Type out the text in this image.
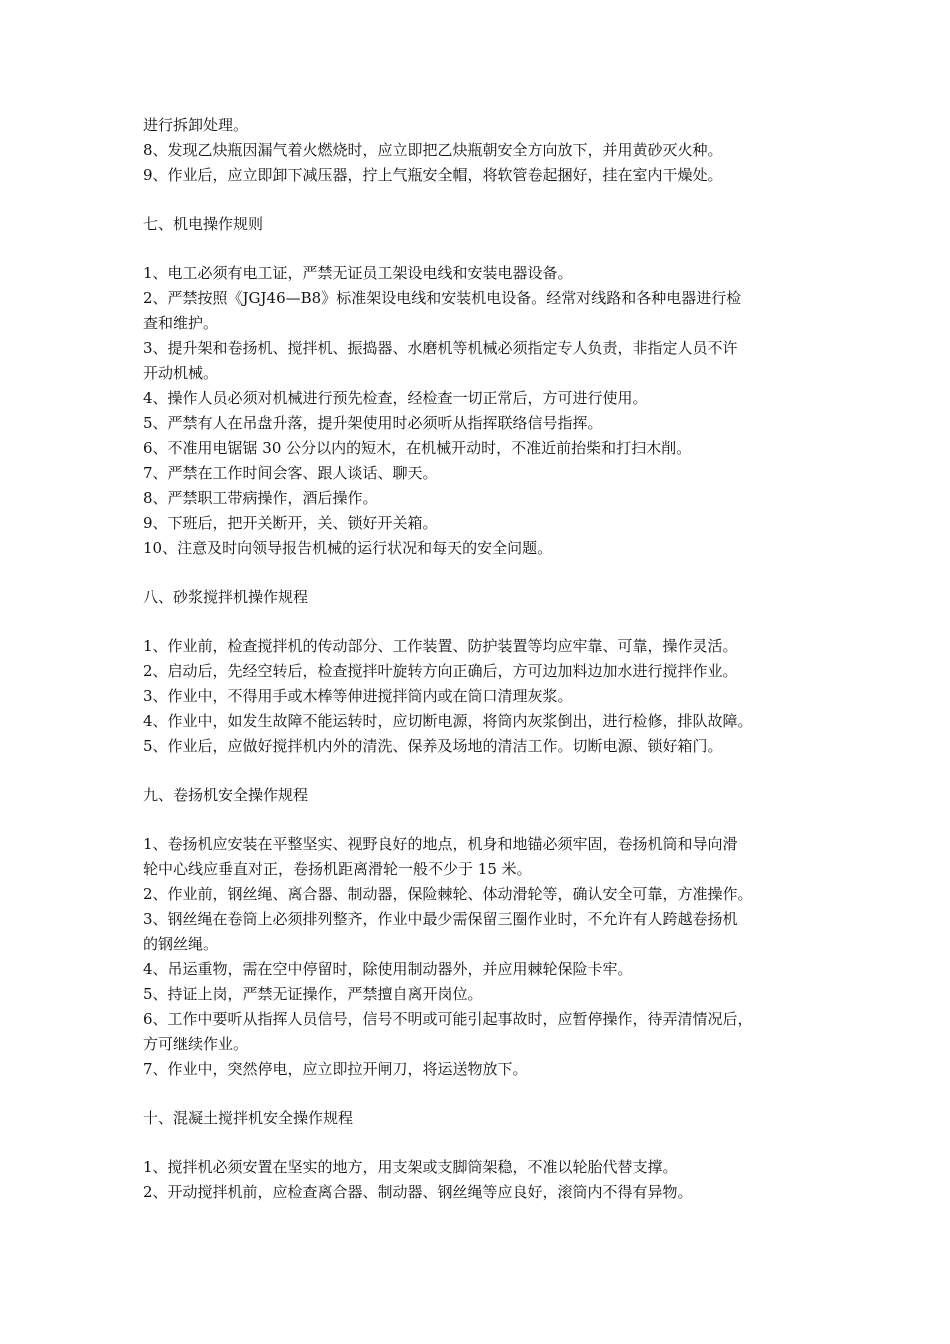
进行拆卸处理。

8、发现乙炔瓶因漏气着火燃烧时，应立即把乙炔瓶朝安全方向放下，并用黄砂灭火种。

9、作业后，应立即卸下减压器，拧上气瓶安全帽，将软管卷起捆好，挂在室内干燥处。

七、机电操作规则

1、电工必须有电工证，严禁无证员工架设电线和安装电器设备。

2、严禁按照《JGJ46—B8》标准架设电线和安装机电设备。经常对线路和各种电器进行检

查和维护。

3、提升架和卷扬机、搅拌机、振捣器、水磨机等机械必须指定专人负责，非指定人员不许

开动机械。

4、操作人员必须对机械进行预先检查，经检查一切正常后，方可进行使用。

5、严禁有人在吊盘升落，提升架使用时必须听从指挥联络信号指挥。

6、不准用电锯锯 30 公分以内的短木，在机械开动时，不准近前抬柴和打扫木削。

7、严禁在工作时间会客、跟人谈话、聊天。

8、严禁职工带病操作，酒后操作。

9、下班后，把开关断开，关、锁好开关箱。

10、注意及时向领导报告机械的运行状况和每天的安全问题。

八、砂浆搅拌机操作规程

1、作业前，检查搅拌机的传动部分、工作装置、防护装置等均应牢靠、可靠，操作灵活。

2、启动后，先经空转后，检查搅拌叶旋转方向正确后，方可边加料边加水进行搅拌作业。

3、作业中，不得用手或木棒等伸进搅拌筒内或在筒口清理灰浆。

4、作业中，如发生故障不能运转时，应切断电源，将筒内灰浆倒出，进行检修，排队故障。

5、作业后，应做好搅拌机内外的清洗、保养及场地的清洁工作。切断电源、锁好箱门。

九、卷扬机安全操作规程

1、卷扬机应安装在平整坚实、视野良好的地点，机身和地锚必须牢固，卷扬机筒和导向滑

轮中心线应垂直对正，卷扬机距离滑轮一般不少于 15 米。

2、作业前，钢丝绳、离合器、制动器，保险棘轮、体动滑轮等，确认安全可靠，方准操作。

3、钢丝绳在卷筒上必须排列整齐，作业中最少需保留三圈作业时，不允许有人跨越卷扬机

的钢丝绳。

4、吊运重物，需在空中停留时，除使用制动器外，并应用棘轮保险卡牢。

5、持证上岗，严禁无证操作，严禁擅自离开岗位。

6、工作中要听从指挥人员信号，信号不明或可能引起事故时，应暂停操作，待弄清情况后，

方可继续作业。

7、作业中，突然停电，应立即拉开闸刀，将运送物放下。

十、混凝土搅拌机安全操作规程

1、搅拌机必须安置在坚实的地方，用支架或支脚筒架稳，不准以轮胎代替支撑。

2、开动搅拌机前，应检查离合器、制动器、钢丝绳等应良好，滚筒内不得有异物。
